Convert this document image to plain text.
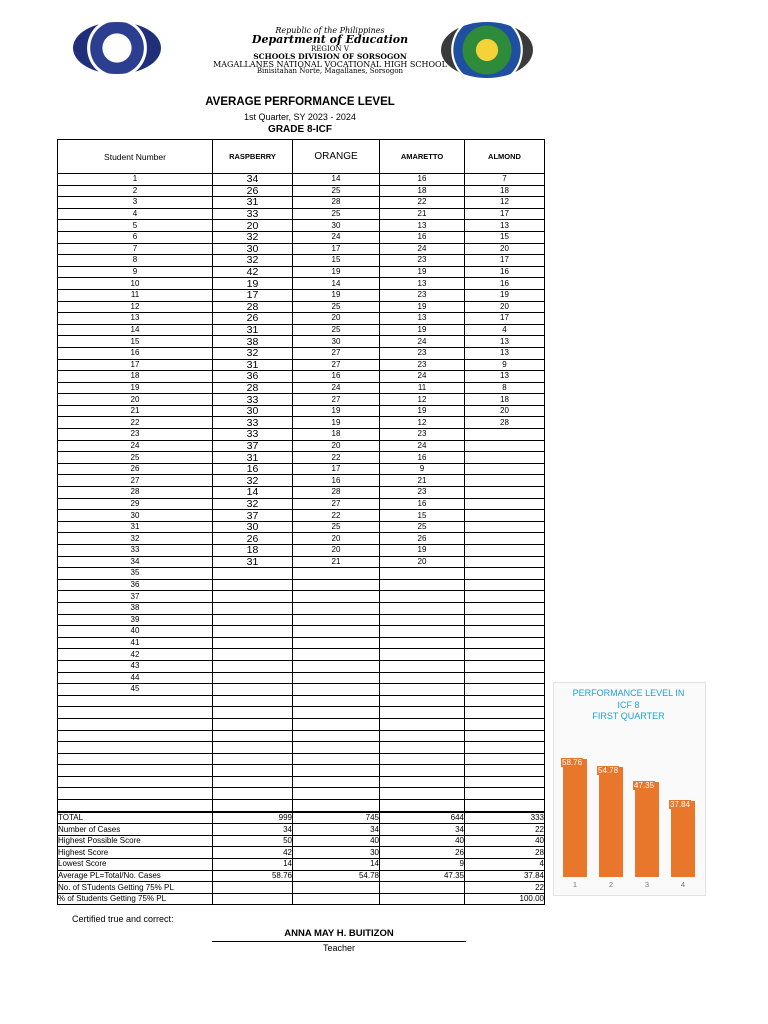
Republic of the Philippines
Department of Education
REGION V
SCHOOLS DIVISION OF SORSOGON
MAGALLANES NATIONAL VOCATIONAL HIGH SCHOOL
Binisitahan Norte, Magallanes, Sorsogon
AVERAGE PERFORMANCE LEVEL
1st Quarter, SY 2023 - 2024
GRADE 8-ICF
Student Number	RASPBERRY	ORANGE	AMARETTO	ALMOND
1	34	14	16	7
2	26	25	18	18
3	31	28	22	12
4	33	25	21	17
5	20	30	13	13
6	32	24	16	15
7	30	17	24	20
8	32	15	23	17
9	42	19	19	16
10	19	14	13	16
11	17	19	23	19
12	28	25	19	20
13	26	20	13	17
14	31	25	19	4
15	38	30	24	13
16	32	27	23	13
17	31	27	23	9
18	36	16	24	13
19	28	24	11	8
20	33	27	12	18
21	30	19	19	20
22	33	19	12	28
23	33	18	23	
24	37	20	24	
25	31	22	16	
26	16	17	9	
27	32	16	21	
28	14	28	23	
29	32	27	16	
30	37	22	15	
31	30	25	25	
32	26	20	26	
33	18	20	19	
34	31	21	20	
35				
36				
37				
38				
39				
40				
41				
42				
43				
44				
45				

TOTAL	999	745	644	333
Number of Cases	34	34	34	22
Highest Possible Score	50	40	40	40
Highest Score	42	30	26	28
Lowest Score	14	14	9	4
Average PL=Total/No. Cases	58.76	54.78	47.35	37.84
No. of STudents Getting 75% PL				22
% of Students Getting 75% PL				100.00
Certified true and correct:
ANNA MAY H. BUITIZON
Teacher
PERFORMANCE LEVEL IN
ICF 8
FIRST QUARTER
58.76
1
54.78
2
47.35
3
37.84
4
